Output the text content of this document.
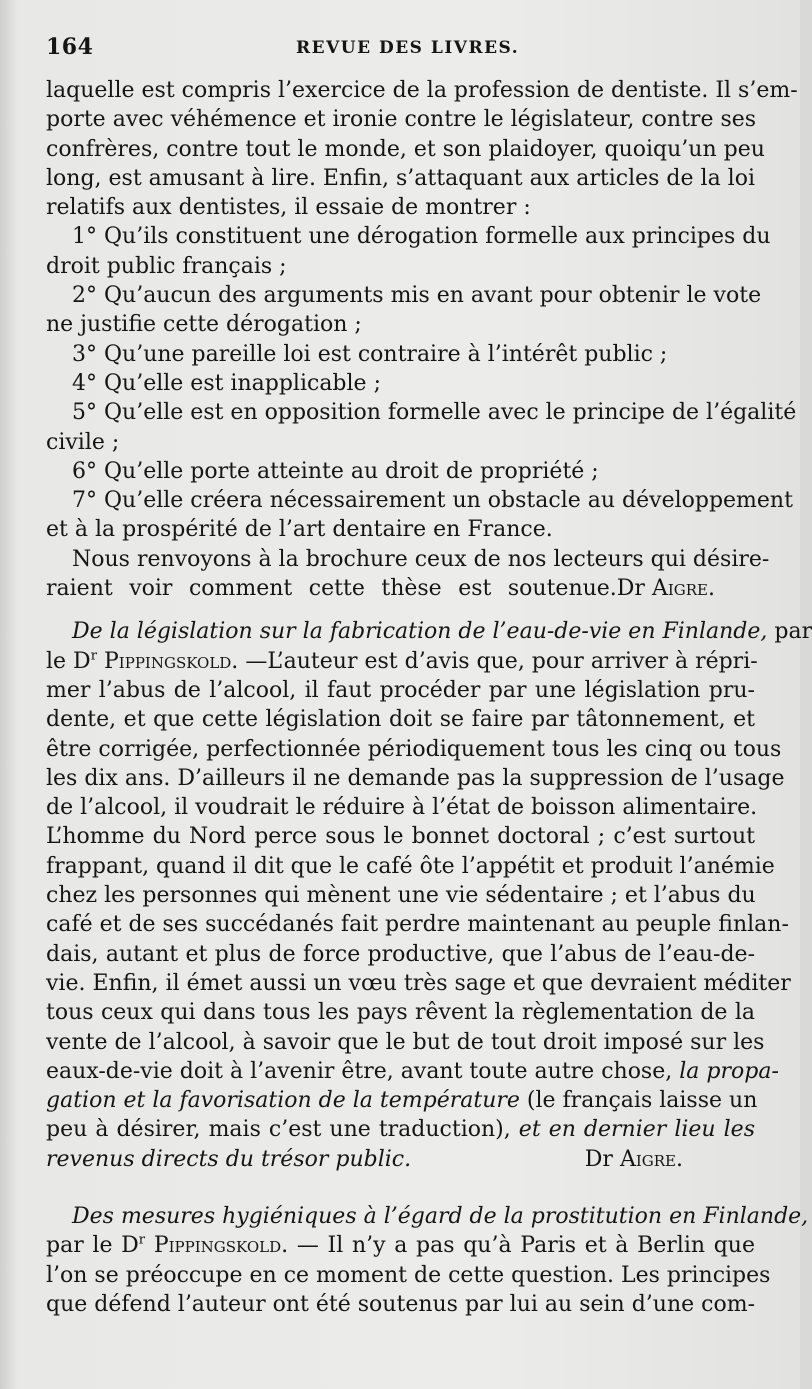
164	REVUE DES LIVRES.
laquelle est compris l’exercice de la profession de dentiste. Il s’em-
porte avec véhémence et ironie contre le législateur, contre ses
confrères, contre tout le monde, et son plaidoyer, quoiqu’un peu
long, est amusant à lire. Enfin, s’attaquant aux articles de la loi
relatifs aux dentistes, il essaie de montrer :
1° Qu’ils constituent une dérogation formelle aux principes du
droit public français ;
2° Qu’aucun des arguments mis en avant pour obtenir le vote
ne justifie cette dérogation ;
3° Qu’une pareille loi est contraire à l’intérêt public ;
4° Qu’elle est inapplicable ;
5° Qu’elle est en opposition formelle avec le principe de l’égalité
civile ;
6° Qu’elle porte atteinte au droit de propriété ;
7° Qu’elle créera nécessairement un obstacle au développement
et à la prospérité de l’art dentaire en France.
Nous renvoyons à la brochure ceux de nos lecteurs qui désire-
raient voir comment cette thèse est soutenue. Dr Aigre.
De la législation sur la fabrication de l’eau-de-vie en Finlande, par
le $D^r$ Pippingskold. —L’auteur est d’avis que, pour arriver à répri-
mer l’abus de l’alcool, il faut procéder par une législation pru-
dente, et que cette législation doit se faire par tâtonnement, et
être corrigée, perfectionnée périodiquement tous les cinq ou tous
les dix ans. D’ailleurs il ne demande pas la suppression de l’usage
de l’alcool, il voudrait le réduire à l’état de boisson alimentaire.
L’homme du Nord perce sous le bonnet doctoral ; c’est surtout
frappant, quand il dit que le café ôte l’appétit et produit l’anémie
chez les personnes qui mènent une vie sédentaire ; et l’abus du
café et de ses succédanés fait perdre maintenant au peuple finlan-
dais, autant et plus de force productive, que l’abus de l’eau-de-
vie. Enfin, il émet aussi un vœu très sage et que devraient méditer
tous ceux qui dans tous les pays rêvent la règlementation de la
vente de l’alcool, à savoir que le but de tout droit imposé sur les
eaux-de-vie doit à l’avenir être, avant toute autre chose, la propa-
gation et la favorisation de la température (le français laisse un
peu à désirer, mais c’est une traduction), et en dernier lieu les
revenus directs du trésor public.	Dr Aigre.
Des mesures hygiéniques à l’égard de la prostitution en Finlande,
par le $D^r$ Pippingskold. — Il n’y a pas qu’à Paris et à Berlin que
l’on se préoccupe en ce moment de cette question. Les principes
que défend l’auteur ont été soutenus par lui au sein d’une com-
